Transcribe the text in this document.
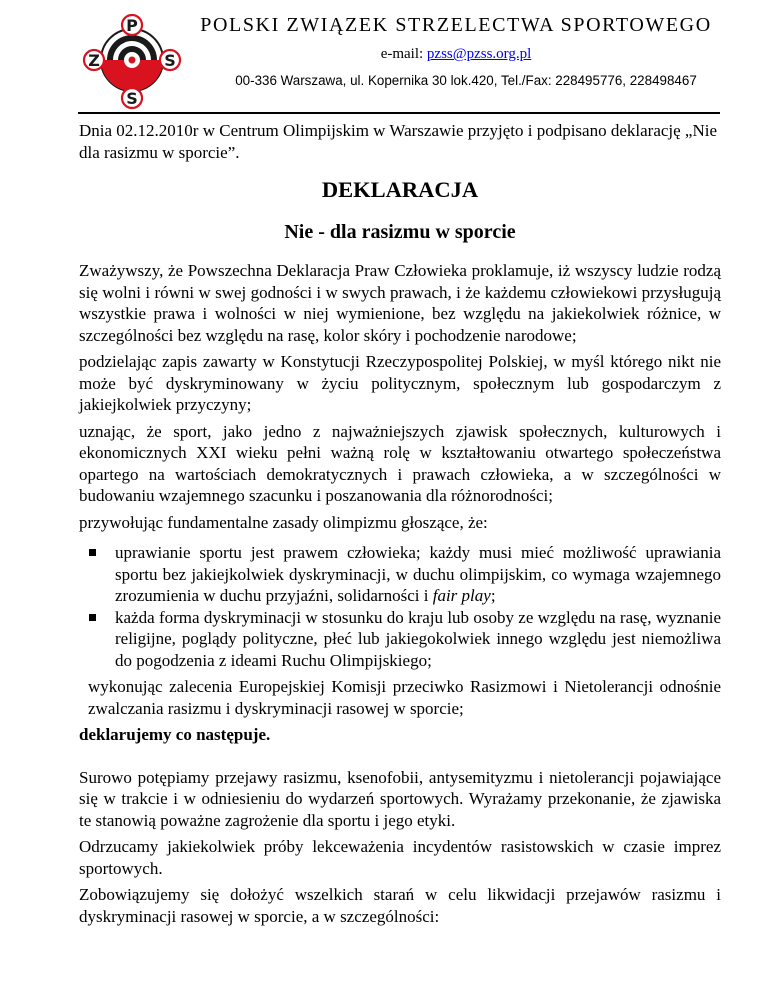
P
Z	S
S
POLSKI ZWIĄZEK STRZELECTWA SPORTOWEGO
e-mail: pzss@pzss.org.pl
00-336 Warszawa, ul. Kopernika 30 lok.420, Tel./Fax: 228495776, 228498467

Dnia 02.12.2010r w Centrum Olimpijskim w Warszawie przyjęto i podpisano deklarację „Nie dla rasizmu w sporcie”.

DEKLARACJA

Nie - dla rasizmu w sporcie

Zważywszy, że Powszechna Deklaracja Praw Człowieka proklamuje, iż wszyscy ludzie rodzą się wolni i równi w swej godności i w swych prawach, i że każdemu człowiekowi przysługują wszystkie prawa i wolności w niej wymienione, bez względu na jakiekolwiek różnice, w szczególności bez względu na rasę, kolor skóry i pochodzenie narodowe;

podzielając zapis zawarty w Konstytucji Rzeczypospolitej Polskiej, w myśl którego nikt nie może być dyskryminowany w życiu politycznym, społecznym lub gospodarczym z jakiejkolwiek przyczyny;

uznając, że sport, jako jedno z najważniejszych zjawisk społecznych, kulturowych i ekonomicznych XXI wieku pełni ważną rolę w kształtowaniu otwartego społeczeństwa opartego na wartościach demokratycznych i prawach człowieka, a w szczególności w budowaniu wzajemnego szacunku i poszanowania dla różnorodności;

przywołując fundamentalne zasady olimpizmu głoszące, że:

uprawianie sportu jest prawem człowieka; każdy musi mieć możliwość uprawiania sportu bez jakiejkolwiek dyskryminacji, w duchu olimpijskim, co wymaga wzajemnego zrozumienia w duchu przyjaźni, solidarności i fair play;
każda forma dyskryminacji w stosunku do kraju lub osoby ze względu na rasę, wyznanie religijne, poglądy polityczne, płeć lub jakiegokolwiek innego względu jest niemożliwa do pogodzenia z ideami Ruchu Olimpijskiego;

wykonując zalecenia Europejskiej Komisji przeciwko Rasizmowi i Nietolerancji odnośnie zwalczania rasizmu i dyskryminacji rasowej w sporcie;

deklarujemy co następuje.

Surowo potępiamy przejawy rasizmu, ksenofobii, antysemityzmu i nietolerancji pojawiające się w trakcie i w odniesieniu do wydarzeń sportowych. Wyrażamy przekonanie, że zjawiska te stanowią poważne zagrożenie dla sportu i jego etyki.

Odrzucamy jakiekolwiek próby lekceważenia incydentów rasistowskich w czasie imprez sportowych.

Zobowiązujemy się dołożyć wszelkich starań w celu likwidacji przejawów rasizmu i dyskryminacji rasowej w sporcie, a w szczególności:
